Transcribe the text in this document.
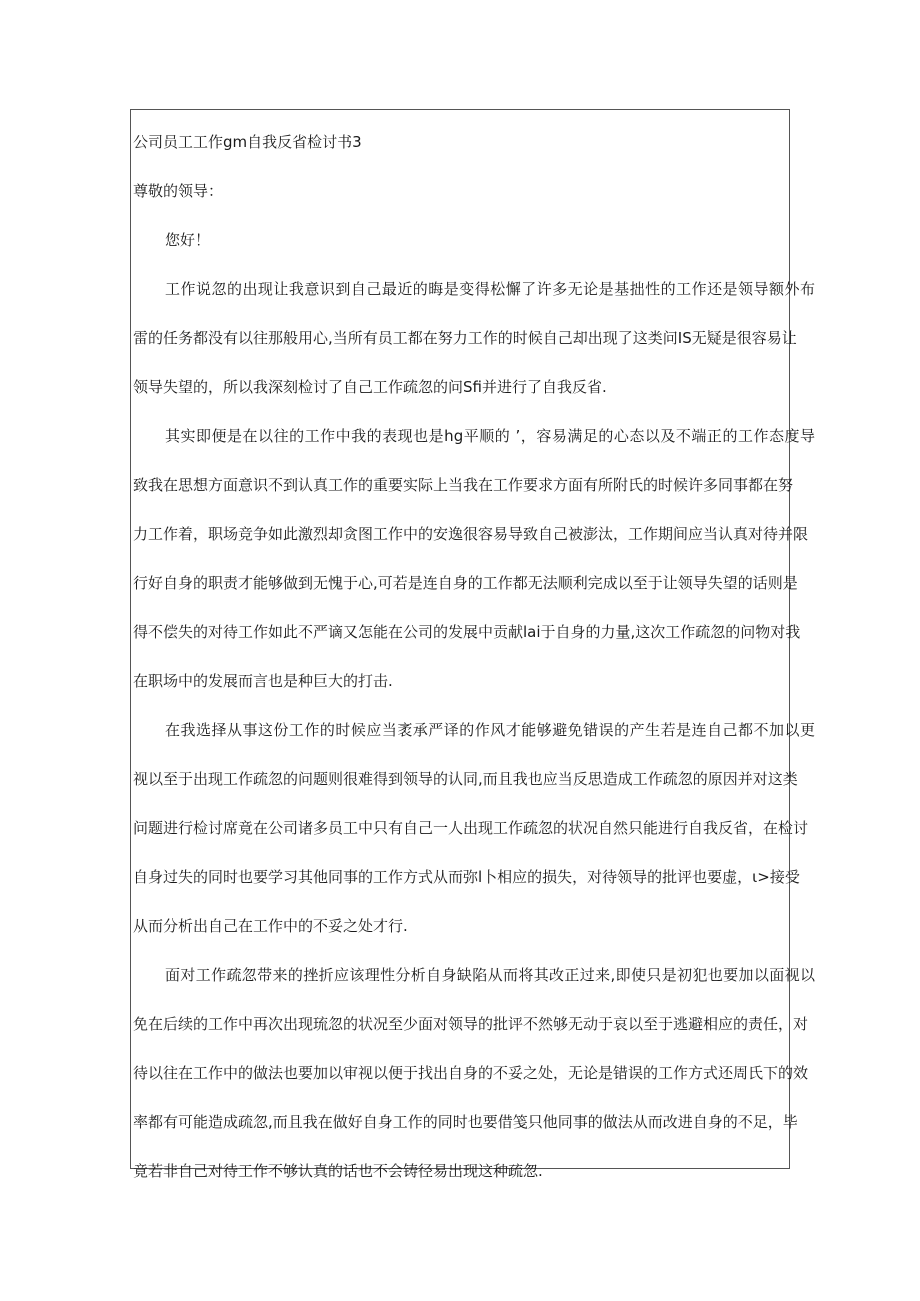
公司员工工作gm自我反省检讨书3
尊敬的领导：
您好！
工作说忽的出现让我意识到自己最近的晦是变得松懈了许多无论是基拙性的工作还是领导额外布
雷的任务都没有以往那般用心,当所有员工都在努力工作的时候自己却出现了这类问IS无疑是很容易让
领导失望的，所以我深刻检讨了自己工作疏忽的问Sfi并进行了自我反省.
其实即便是在以往的工作中我的表现也是hg平顺的 ’，容易满足的心态以及不端正的工作态度导
致我在思想方面意识不到认真工作的重要实际上当我在工作要求方面有所附氏的时候许多同事都在努
力工作着，职场竞争如此激烈却贪图工作中的安逸很容易导致自己被澎汰，工作期间应当认真对待并限
行好自身的职责才能够做到无愧于心,可若是连自身的工作都无法顺利完成以至于让领导失望的话则是
得不偿失的对待工作如此不严谪又怎能在公司的发展中贡献lai于自身的力量,这次工作疏忽的问物对我
在职场中的发展而言也是种巨大的打击.
在我选择从事这份工作的时候应当袤承严译的作风才能够避免错误的产生若是连自己都不加以更
视以至于出现工作疏忽的问题则很难得到领导的认同,而且我也应当反思造成工作疏忽的原因并对这类
问题进行检讨席竟在公司诸多员工中只有自己一人出现工作疏忽的状况自然只能进行自我反省，在检讨
自身过失的同时也要学习其他同事的工作方式从而弥l卜相应的损失，对待领导的批评也要虚，ι>接受
从而分析出自己在工作中的不妥之处才行.
面对工作疏忽带来的挫折应该理性分析自身缺陷从而将其改正过来,即使只是初犯也要加以面视以
免在后续的工作中再次出现琉忽的状况至少面对领导的批评不然够无动于哀以至于逃避相应的责任，对
待以往在工作中的做法也要加以审视以便于找出自身的不妥之处，无论是错误的工作方式还周氏下的效
率都有可能造成疏忽,而且我在做好自身工作的同时也要借笺只他同事的做法从而改进自身的不足，毕
竟若非自己对待工作不够认真的话也不会铸径易出现这种疏忽.
